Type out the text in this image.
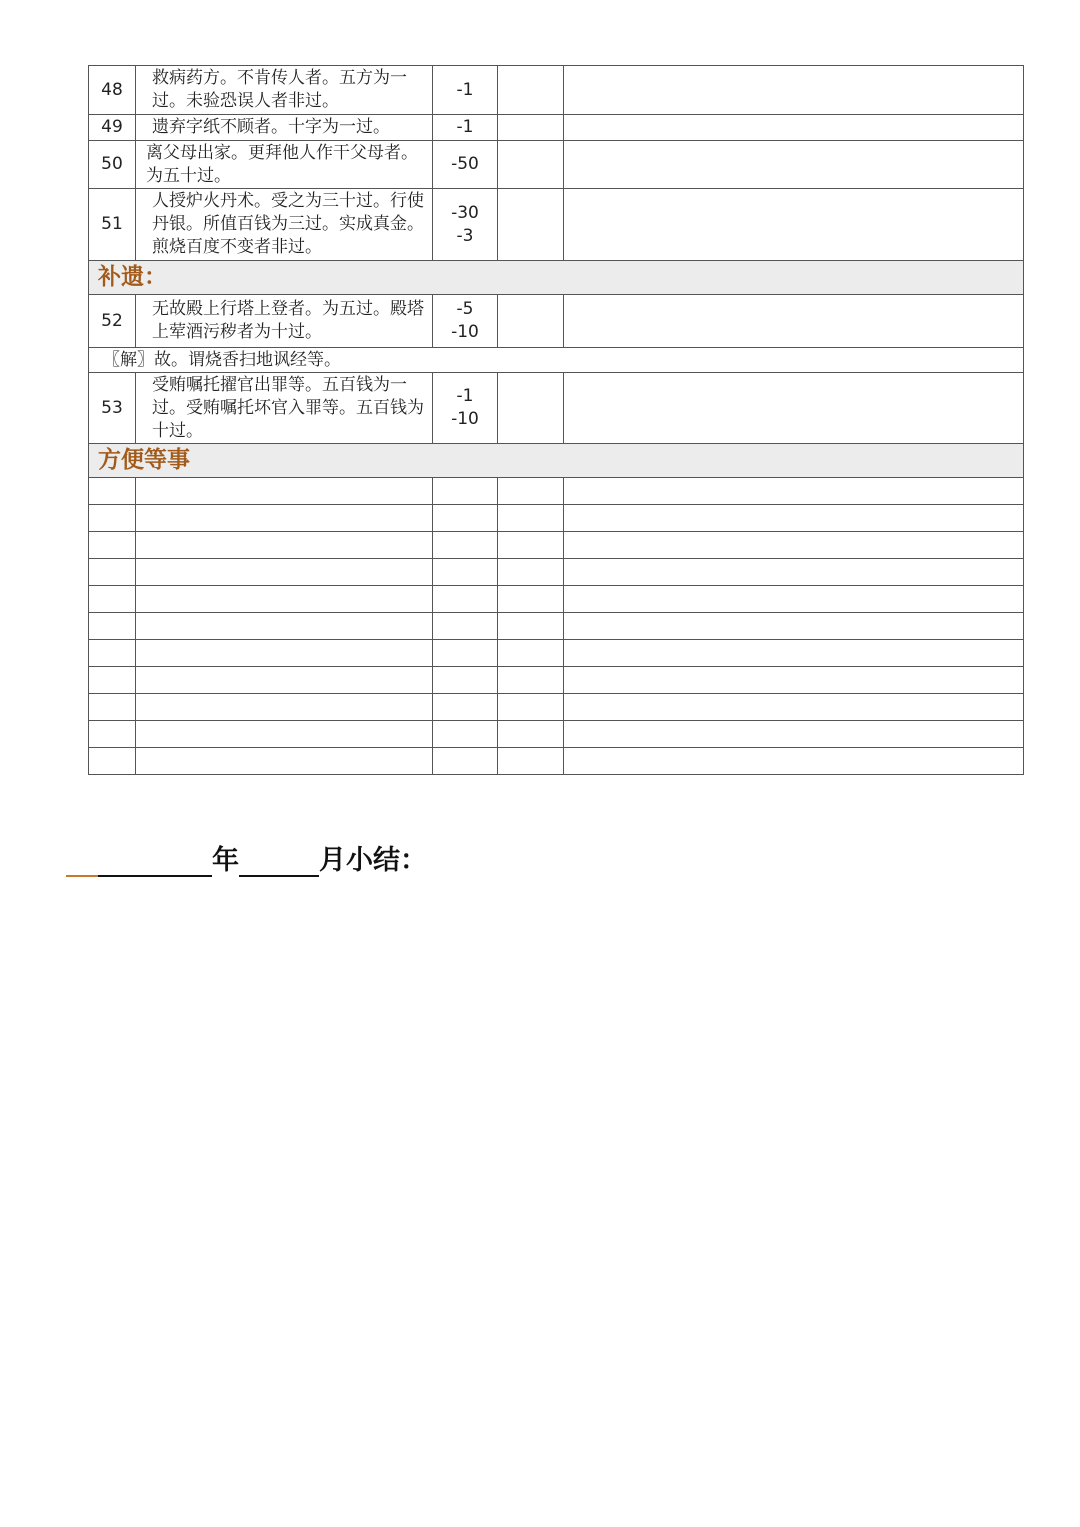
48	救病药方。不肯传人者。五方为一过。未验恐误人者非过。	-1		

49	遗弃字纸不顾者。十字为一过。	-1		

50	离父母出家。更拜他人作干父母者。为五十过。	-50		

51	人授炉火丹术。受之为三十过。行使丹银。所值百钱为三过。实成真金。煎烧百度不变者非过。	-30
-3		

补遗：				
52	无故殿上行塔上登者。为五过。殿塔上荤酒污秽者为十过。	-5
-10		

〖解〗故。谓烧香扫地讽经等。				
53	受贿嘱托擢官出罪等。五百钱为一过。受贿嘱托坏官入罪等。五百钱为十过。	-1
-10		

方便等事				

年	月小结：
